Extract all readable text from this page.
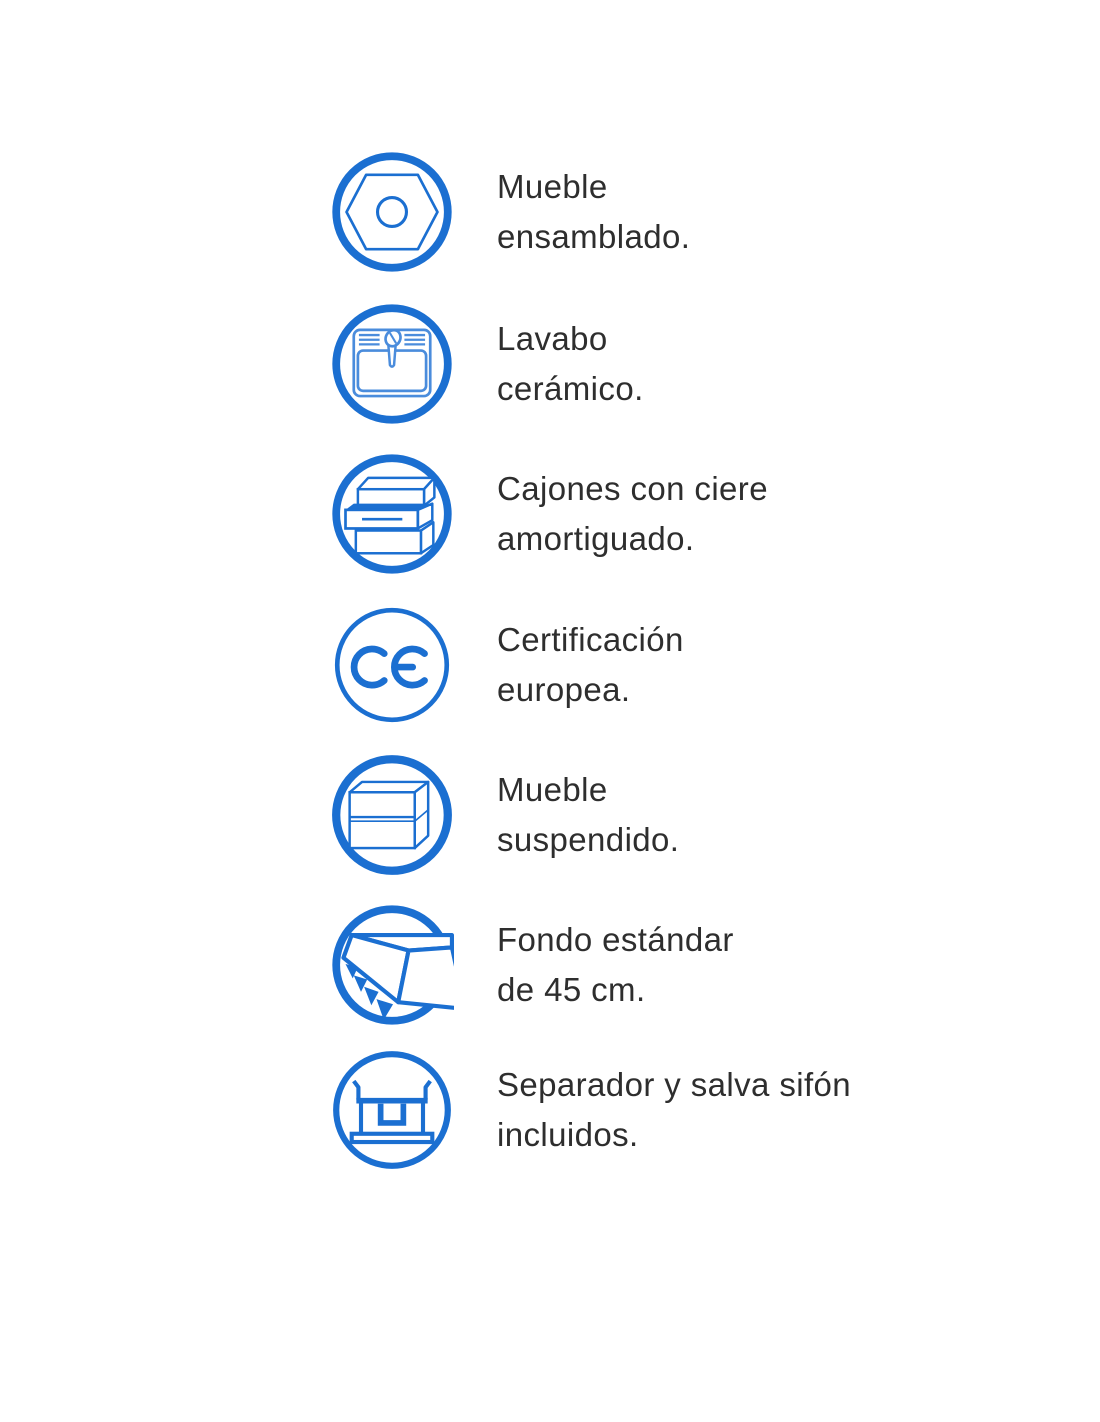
Mueble
ensamblado.
Lavabo
cerámico.
Cajones con ciere
amortiguado.
Certificación
europea.
Mueble
suspendido.
Fondo estándar
de 45 cm.
Separador y salva sifón
incluidos.
